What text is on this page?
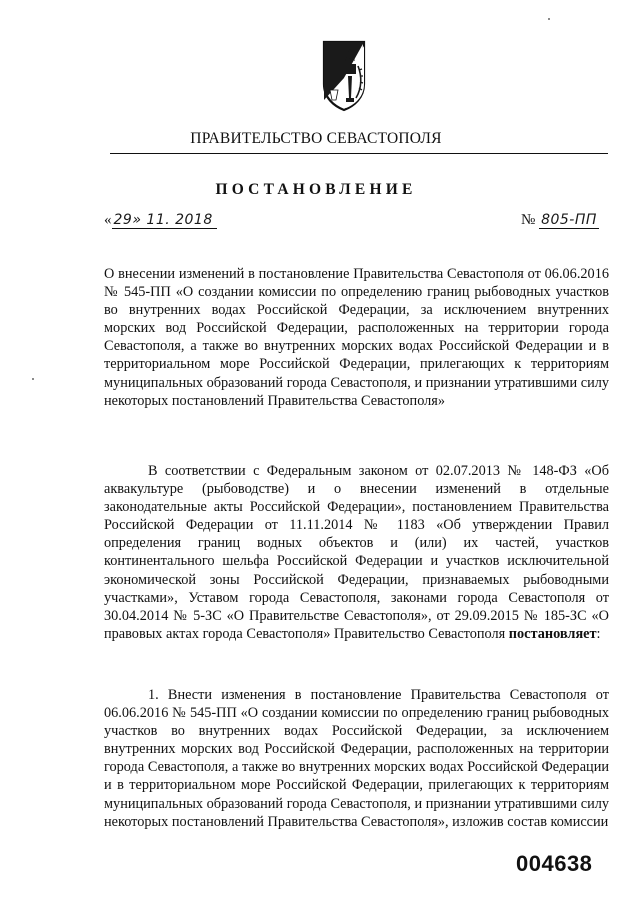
ПРАВИТЕЛЬСТВО СЕВАСТОПОЛЯ
ПОСТАНОВЛЕНИЕ
« 29» 11. 2018	№ 805-ПП
О внесении изменений в постановление Правительства Севастополя от 06.06.2016 № 545-ПП «О создании комиссии по определению границ рыбоводных участков во внутренних водах Российской Федерации, за исключением внутренних морских вод Российской Федерации, расположенных на территории города Севастополя, а также во внутренних морских водах Российской Федерации и в территориальном море Российской Федерации, прилегающих к территориям муниципальных образований города Севастополя, и признании утратившими силу некоторых постановлений Правительства Севастополя»
В соответствии с Федеральным законом от 02.07.2013 № 148-ФЗ «Об аквакультуре (рыбоводстве) и о внесении изменений в отдельные законодательные акты Российской Федерации», постановлением Правительства Российской Федерации от 11.11.2014 № 1183 «Об утверждении Правил определения границ водных объектов и (или) их частей, участков континентального шельфа Российской Федерации и участков исключительной экономической зоны Российской Федерации, признаваемых рыбоводными участками», Уставом города Севастополя, законами города Севастополя от 30.04.2014 № 5-ЗС «О Правительстве Севастополя», от 29.09.2015 № 185-ЗС «О правовых актах города Севастополя» Правительство Севастополя постановляет:
1. Внести изменения в постановление Правительства Севастополя от 06.06.2016 № 545-ПП «О создании комиссии по определению границ рыбоводных участков во внутренних водах Российской Федерации, за исключением внутренних морских вод Российской Федерации, расположенных на территории города Севастополя, а также во внутренних морских водах Российской Федерации и в территориальном море Российской Федерации, прилегающих к территориям муниципальных образований города Севастополя, и признании утратившими силу некоторых постановлений Правительства Севастополя», изложив состав комиссии
004638
